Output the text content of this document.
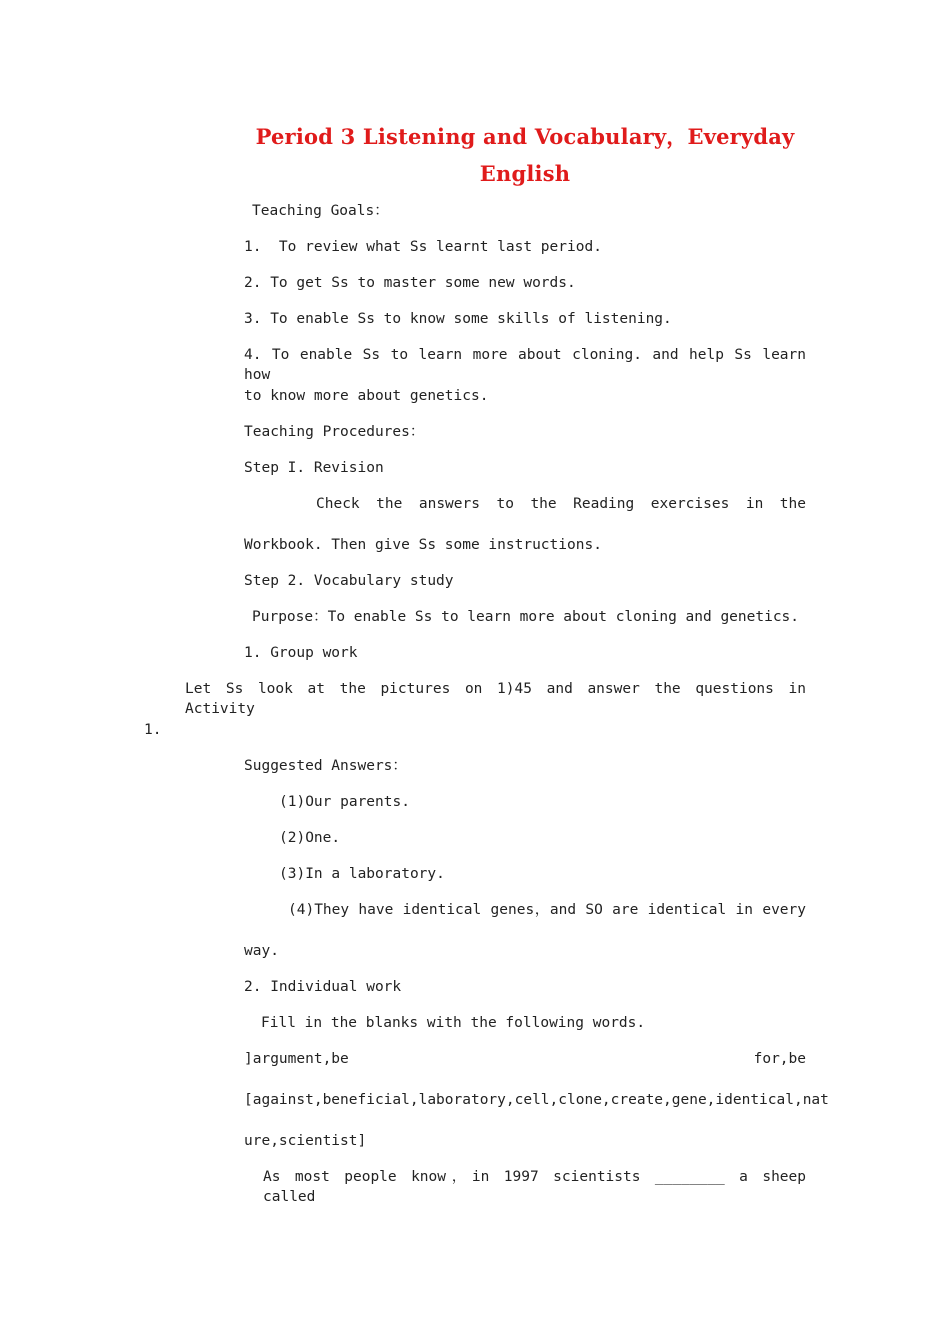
Period 3 Listening and Vocabulary，Everyday
English

Teaching Goals：

1.  To review what Ss learnt last period.

2. To get Ss to master some new words.

3. To enable Ss to know some skills of listening.

4. To enable Ss to learn more about cloning. and help Ss learn how

to know more about genetics.

Teaching Procedures：

Step I. Revision

Check the answers to the Reading exercises in the

Workbook. Then give Ss some instructions.

Step 2. Vocabulary study

Purpose：To enable Ss to learn more about cloning and genetics.

1. Group work

Let Ss look at the pictures on 1)45 and answer the questions in Activity

1.

Suggested Answers：

(1)Our parents.

(2)One.

(3)In a laboratory.

(4)They have identical genes，and SO are identical in every

way.

2. Individual work

Fill in the blanks with the following words.

]argument,be	for,be

[against,beneficial,laboratory,cell,clone,create,gene,identical,nat

ure,scientist]

As most people know，in 1997 scientists ________ a sheep called
